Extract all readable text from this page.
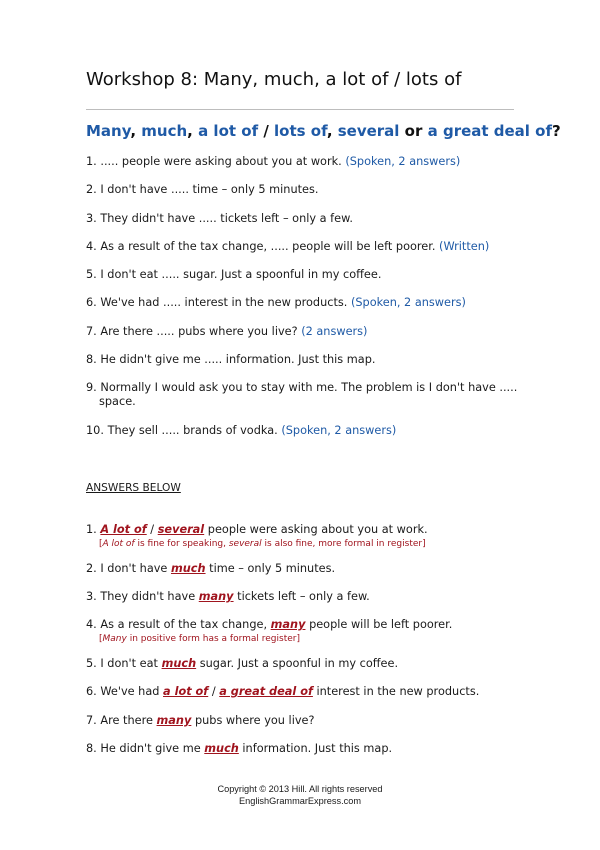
Workshop 8: Many, much, a lot of / lots of
Many, much, a lot of / lots of, several or a great deal of?
1. ..... people were asking about you at work. (Spoken, 2 answers)
2. I don't have ..... time – only 5 minutes.
3. They didn't have ..... tickets left – only a few.
4. As a result of the tax change, ..... people will be left poorer. (Written)
5. I don't eat ..... sugar. Just a spoonful in my coffee.
6. We've had ..... interest in the new products. (Spoken, 2 answers)
7. Are there ..... pubs where you live? (2 answers)
8. He didn't give me ..... information. Just this map.
9. Normally I would ask you to stay with me. The problem is I don't have .....
space.
10. They sell ..... brands of vodka. (Spoken, 2 answers)
ANSWERS BELOW
1. A lot of / several people were asking about you at work.
[A lot of is fine for speaking, several is also fine, more formal in register]
2. I don't have much time – only 5 minutes.
3. They didn't have many tickets left – only a few.
4. As a result of the tax change, many people will be left poorer.
[Many in positive form has a formal register]
5. I don't eat much sugar. Just a spoonful in my coffee.
6. We've had a lot of / a great deal of interest in the new products.
7. Are there many pubs where you live?
8. He didn't give me much information. Just this map.
Copyright © 2013 Hill. All rights reserved
EnglishGrammarExpress.com
